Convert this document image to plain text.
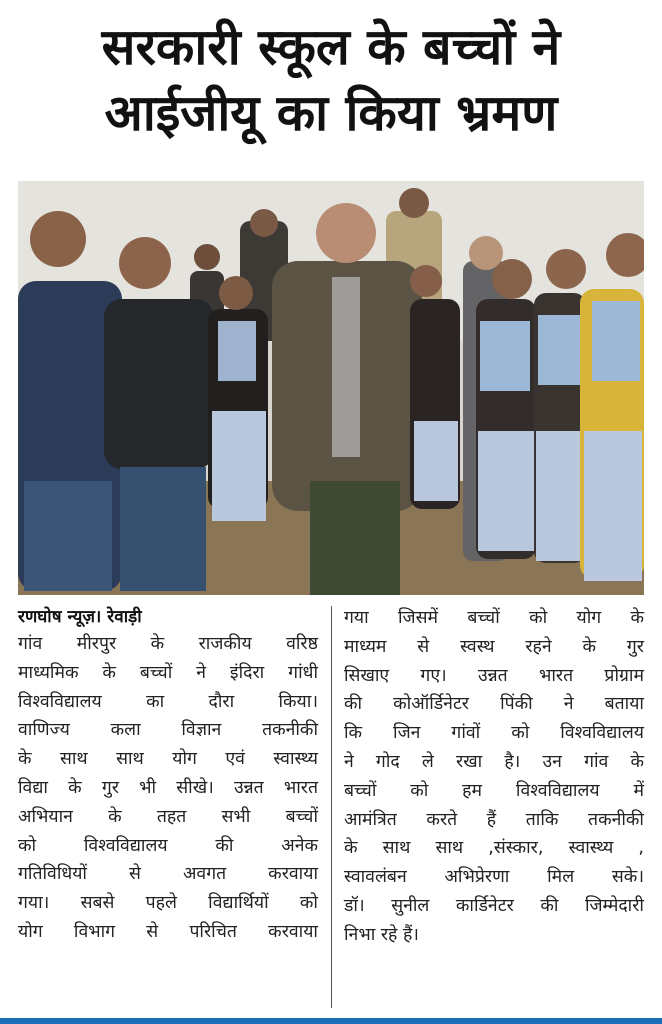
सरकारी स्कूल के बच्चों ने
आईजीयू का किया भ्रमण
रणघोष न्यूज़। रेवाड़ी
गांव मीरपुर के राजकीय वरिष्ठ
माध्यमिक के बच्चों ने इंदिरा गांधी
विश्वविद्यालय का दौरा किया।
वाणिज्य कला विज्ञान तकनीकी
के साथ साथ योग एवं स्वास्थ्य
विद्या के गुर भी सीखे। उन्नत भारत
अभियान के तहत सभी बच्चों
को विश्वविद्यालय की अनेक
गतिविधियों से अवगत करवाया
गया। सबसे पहले विद्यार्थियों को
योग विभाग से परिचित करवाया
गया जिसमें बच्चों को योग के
माध्यम से स्वस्थ रहने के गुर
सिखाए गए। उन्नत भारत प्रोग्राम
की कोऑर्डिनेटर पिंकी ने बताया
कि जिन गांवों को विश्वविद्यालय
ने गोद ले रखा है। उन गांव के
बच्चों को हम विश्वविद्यालय में
आमंत्रित करते हैं ताकि तकनीकी
के साथ साथ ,संस्कार, स्वास्थ्य ,
स्वावलंबन अभिप्रेरणा मिल सके।
डॉ। सुनील कार्डिनेटर की जिम्मेदारी
निभा रहे हैं।
